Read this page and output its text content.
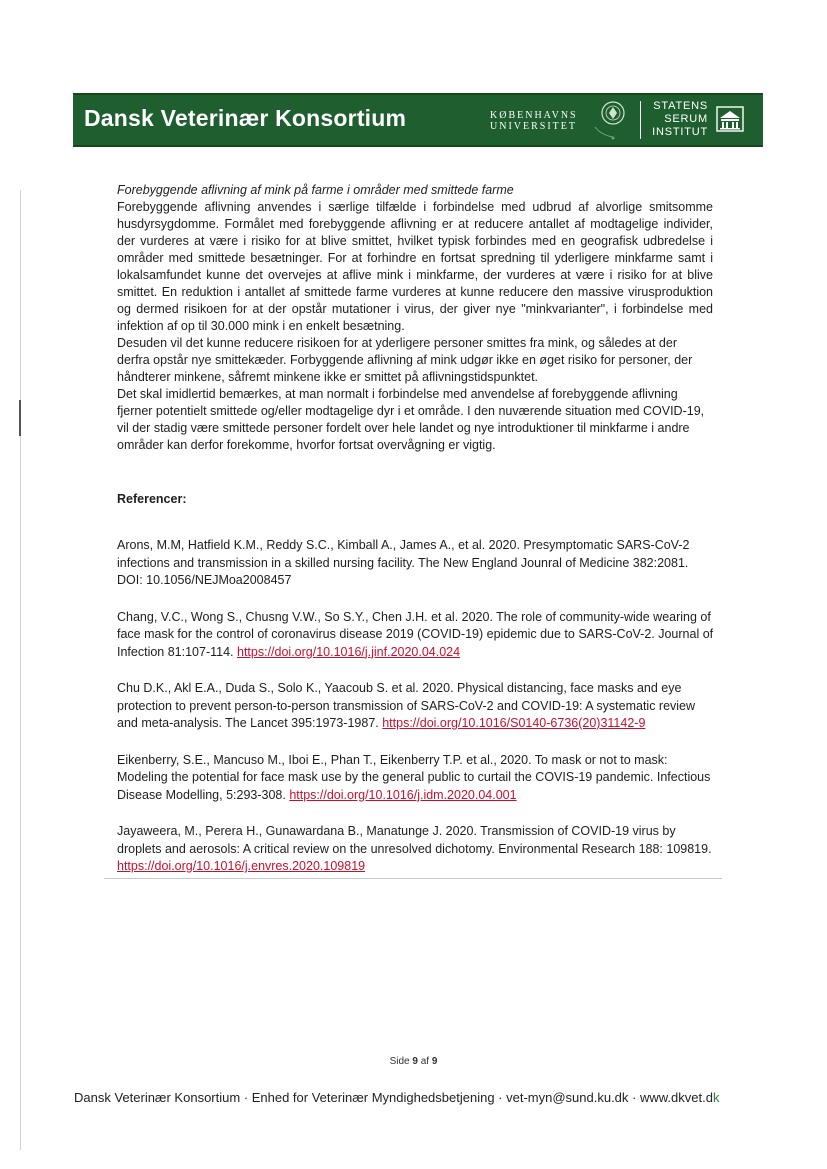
Dansk Veterinær Konsortium	KØBENHAVNS
UNIVERSITET
STATENS
SERUM
INSTITUT

Forebyggende aflivning af mink på farme i områder med smittede farme

Forebyggende aflivning anvendes i særlige tilfælde i forbindelse med udbrud af alvorlige smitsomme husdyrsygdomme. Formålet med forebyggende aflivning er at reducere antallet af modtagelige individer, der vurderes at være i risiko for at blive smittet, hvilket typisk forbindes med en geografisk udbredelse i områder med smittede besætninger. For at forhindre en fortsat spredning til yderligere minkfarme samt i lokalsamfundet kunne det overvejes at aflive mink i minkfarme, der vurderes at være i risiko for at blive smittet. En reduktion i antallet af smittede farme vurderes at kunne reducere den massive virusproduktion og dermed risikoen for at der opstår mutationer i virus, der giver nye "minkvarianter", i forbindelse med infektion af op til 30.000 mink i en enkelt besætning.

Desuden vil det kunne reducere risikoen for at yderligere personer smittes fra mink, og således at der derfra opstår nye smittekæder. Forbyggende aflivning af mink udgør ikke en øget risiko for personer, der håndterer minkene, såfremt minkene ikke er smittet på aflivningstidspunktet.

Det skal imidlertid bemærkes, at man normalt i forbindelse med anvendelse af forebyggende aflivning fjerner potentielt smittede og/eller modtagelige dyr i et område. I den nuværende situation med COVID-19, vil der stadig være smittede personer fordelt over hele landet og nye introduktioner til minkfarme i andre områder kan derfor forekomme, hvorfor fortsat overvågning er vigtig.

Referencer:

Arons, M.M, Hatfield K.M., Reddy S.C., Kimball A., James A., et al. 2020. Presymptomatic SARS-CoV-2 infections and transmission in a skilled nursing facility. The New England Jounral of Medicine 382:2081. DOI: 10.1056/NEJMoa2008457

Chang, V.C., Wong S., Chusng V.W., So S.Y., Chen J.H. et al. 2020. The role of community-wide wearing of face mask for the control of coronavirus disease 2019 (COVID-19) epidemic due to SARS-CoV-2. Journal of Infection 81:107-114. https://doi.org/10.1016/j.jinf.2020.04.024

Chu D.K., Akl E.A., Duda S., Solo K., Yaacoub S. et al. 2020. Physical distancing, face masks and eye protection to prevent person-to-person transmission of SARS-CoV-2 and COVID-19: A systematic review and meta-analysis. The Lancet 395:1973-1987. https://doi.org/10.1016/S0140-6736(20)31142-9

Eikenberry, S.E., Mancuso M., Iboi E., Phan T., Eikenberry T.P. et al., 2020. To mask or not to mask: Modeling the potential for face mask use by the general public to curtail the COVIS-19 pandemic. Infectious Disease Modelling, 5:293-308. https://doi.org/10.1016/j.idm.2020.04.001

Jayaweera, M., Perera H., Gunawardana B., Manatunge J. 2020. Transmission of COVID-19 virus by droplets and aerosols: A critical review on the unresolved dichotomy. Environmental Research 188: 109819. https://doi.org/10.1016/j.envres.2020.109819

Side 9 af 9
Dansk Veterinær Konsortium · Enhed for Veterinær Myndighedsbetjening · vet-myn@sund.ku.dk · www.dkvet.dk
